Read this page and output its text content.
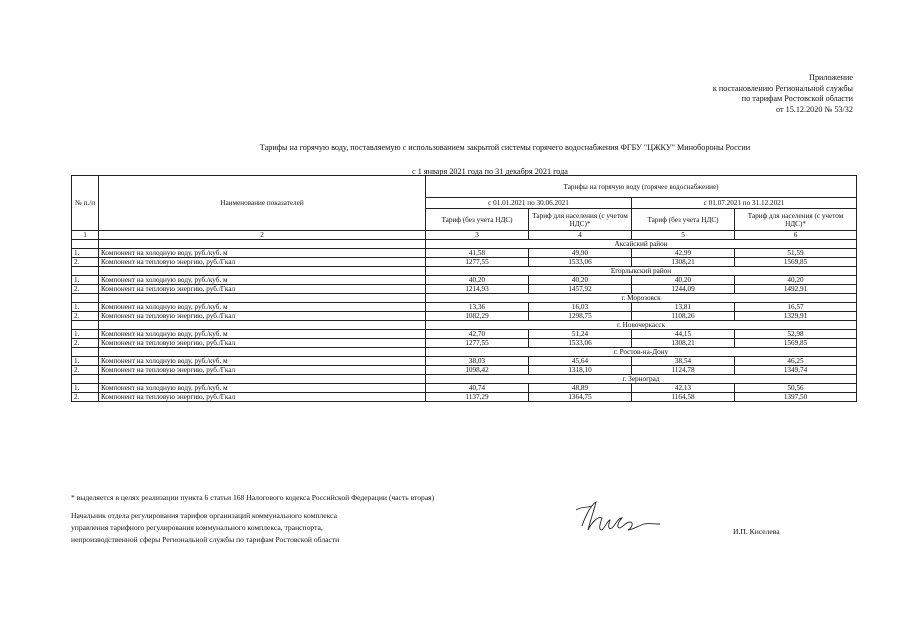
Приложение
к постановлению Региональной службы
по тарифам Ростовской области
от 15.12.2020 № 53/32
Тарифы на горячую воду, поставляемую с использованием закрытой системы горячего водоснабжения ФГБУ "ЦЖКУ" Минобороны России
с 1 января 2021 года по 31 декабря 2021 года
№ п./п	Наименование показателей	Тарифы на горячую воду (горячее водоснабжение)			
		с 01.01.2021 по 30.06.2021		с 01.07.2021 по 31.12.2021	
		Тариф (без учета НДС)	Тариф для населения (с учетом НДС)*	Тариф (без учета НДС)	Тариф для населения (с учетом НДС)*
1	2	3	4	5	6
		Аксайский район			
1.	Компонент на холодную воду, руб./куб. м	41,58	49,90	42,99	51,59
2.	Компонент на тепловую энергию, руб./Гкал	1277,55	1533,06	1308,21	1569,85
		Егорлыкский район			
1.	Компонент на холодную воду, руб./куб. м	40,20	40,20	40,20	40,20
2.	Компонент на тепловую энергию, руб./Гкал	1214,93	1457,92	1244,09	1492,91
		г. Морозовск			
1.	Компонент на холодную воду, руб./куб. м	13,36	16,03	13,81	16,57
2.	Компонент на тепловую энергию, руб./Гкал	1082,29	1298,75	1108,26	1329,91
		г. Новочеркасск			
1.	Компонент на холодную воду, руб./куб. м	42,70	51,24	44,15	52,98
2.	Компонент на тепловую энергию, руб./Гкал	1277,55	1533,06	1308,21	1569,85
		г. Ростов-на-Дону			
1.	Компонент на холодную воду, руб./куб. м	38,03	45,64	38,54	46,25
2.	Компонент на тепловую энергию, руб./Гкал	1098,42	1318,10	1124,78	1349,74
		г. Зерноград			
1.	Компонент на холодную воду, руб./куб. м	40,74	48,89	42,13	50,56
2.	Компонент на тепловую энергию, руб./Гкал	1137,29	1364,75	1164,58	1397,50
* выделяется в целях реализации пункта 6 статьи 168 Налогового кодекса Российской Федерации (часть вторая)
Начальник отдела регулирования тарифов организаций коммунального комплекса
управления тарифного регулирования коммунального комплекса, транспорта,
непроизводственной сферы Региональной службы по тарифам Ростовской области
И.П. Киселева
